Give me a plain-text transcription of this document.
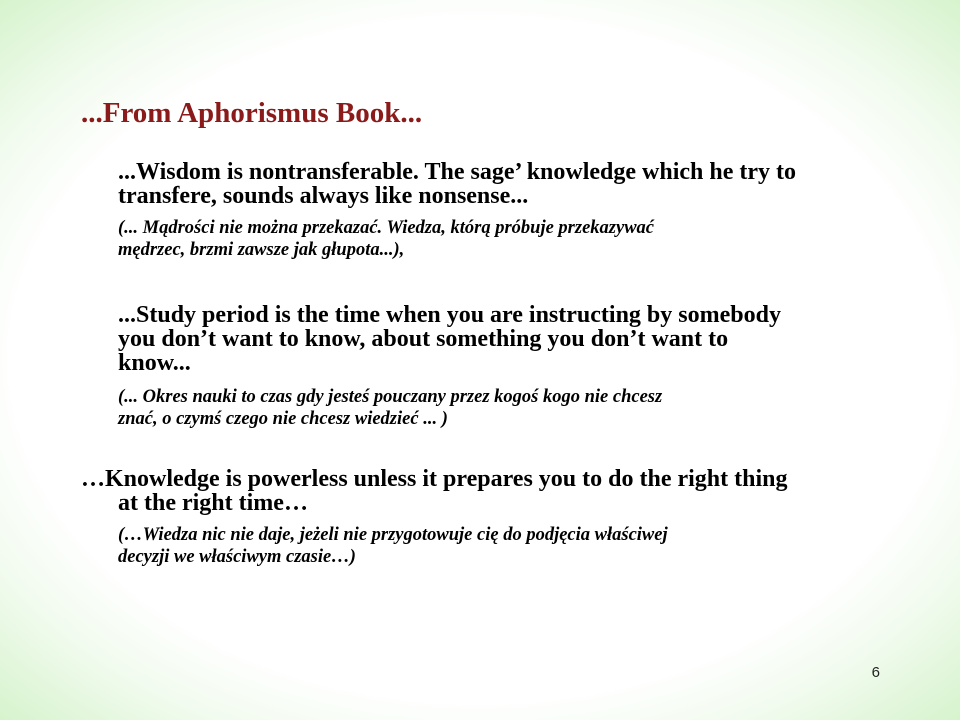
...From Aphorismus Book...

...Wisdom is nontransferable. The sage’ knowledge which he try to
transfere, sounds always like nonsense...

(... Mądrości nie można przekazać. Wiedza, którą próbuje przekazywać
mędrzec, brzmi zawsze jak głupota...),

...Study period is the time when you are instructing by somebody
you don’t want to know, about something you don’t want to
know...

(... Okres nauki to czas gdy jesteś pouczany przez kogoś kogo nie chcesz
znać, o czymś czego nie chcesz wiedzieć ... )

…Knowledge is powerless unless it prepares you to do the right thing
at the right time…

(…Wiedza nic nie daje, jeżeli nie przygotowuje cię do podjęcia właściwej
decyzji we właściwym czasie…)

6
